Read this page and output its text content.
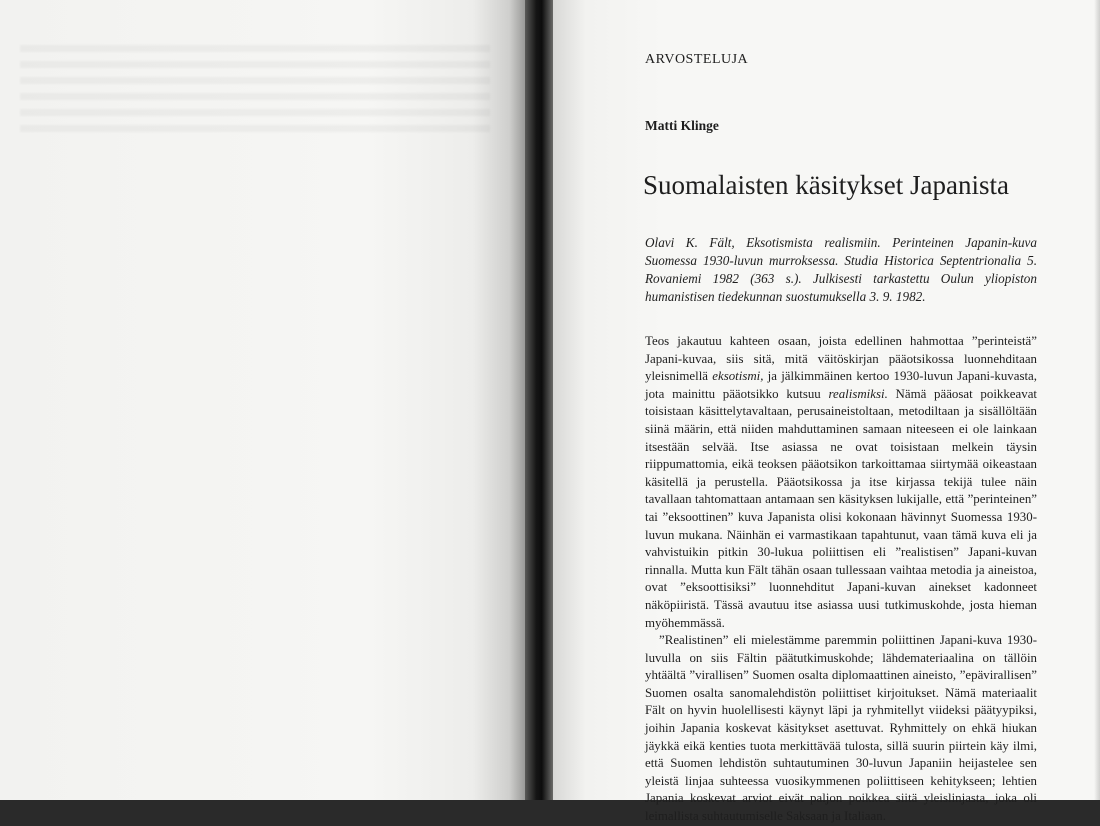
ARVOSTELUJA
Matti Klinge
Suomalaisten käsitykset Japanista
Olavi K. Fält, Eksotismista realismiin. Perinteinen Japanin-kuva Suomessa 1930-luvun murroksessa. Studia Historica Septentrionalia 5. Rovaniemi 1982 (363 s.). Julkisesti tarkastettu Oulun yliopiston humanistisen tiedekunnan suostumuksella 3. 9. 1982.

Teos jakautuu kahteen osaan, joista edellinen hahmottaa ”perinteistä” Japani-kuvaa, siis sitä, mitä väitöskirjan pääotsikossa luonnehditaan yleisnimellä eksotismi, ja jälkimmäinen kertoo 1930-luvun Japani-kuvasta, jota mainittu pääotsikko kutsuu realismiksi. Nämä pääosat poikkeavat toisistaan käsittelytavaltaan, perusaineistoltaan, metodiltaan ja sisällöltään siinä määrin, että niiden mahduttaminen samaan niteeseen ei ole lainkaan itsestään selvää. Itse asiassa ne ovat toisistaan melkein täysin riippumattomia, eikä teoksen pääotsikon tarkoittamaa siirtymää oikeastaan käsitellä ja perustella. Pääotsikossa ja itse kirjassa tekijä tulee näin tavallaan tahtomattaan antamaan sen käsityksen lukijalle, että ”perinteinen” tai ”eksoottinen” kuva Japanista olisi kokonaan hävinnyt Suomessa 1930-luvun mukana. Näinhän ei varmastikaan tapahtunut, vaan tämä kuva eli ja vahvistuikin pitkin 30-lukua poliittisen eli ”realistisen” Japani-kuvan rinnalla. Mutta kun Fält tähän osaan tullessaan vaihtaa metodia ja aineistoa, ovat ”eksoottisiksi” luonnehditut Japani-kuvan ainekset kadonneet näköpiiristä. Tässä avautuu itse asiassa uusi tutkimuskohde, josta hieman myöhemmässä.

”Realistinen” eli mielestämme paremmin poliittinen Japani-kuva 1930-luvulla on siis Fältin päätutkimuskohde; lähdemateriaalina on tällöin yhtäältä ”virallisen” Suomen osalta diplomaattinen aineisto, ”epävirallisen” Suomen osalta sanomalehdistön poliittiset kirjoitukset. Nämä materiaalit Fält on hyvin huolellisesti käynyt läpi ja ryhmitellyt viideksi päätyypiksi, joihin Japania koskevat käsitykset asettuvat. Ryhmittely on ehkä hiukan jäykkä eikä kenties tuota merkittävää tulosta, sillä suurin piirtein käy ilmi, että Suomen lehdistön suhtautuminen 30-luvun Japaniin heijastelee sen yleistä linjaa suhteessa vuosikymmenen poliittiseen kehitykseen; lehtien Japania koskevat arviot eivät paljon poikkea siitä yleislinjasta, joka oli leimallista suhtautumiselle Saksaan ja Italiaan.
